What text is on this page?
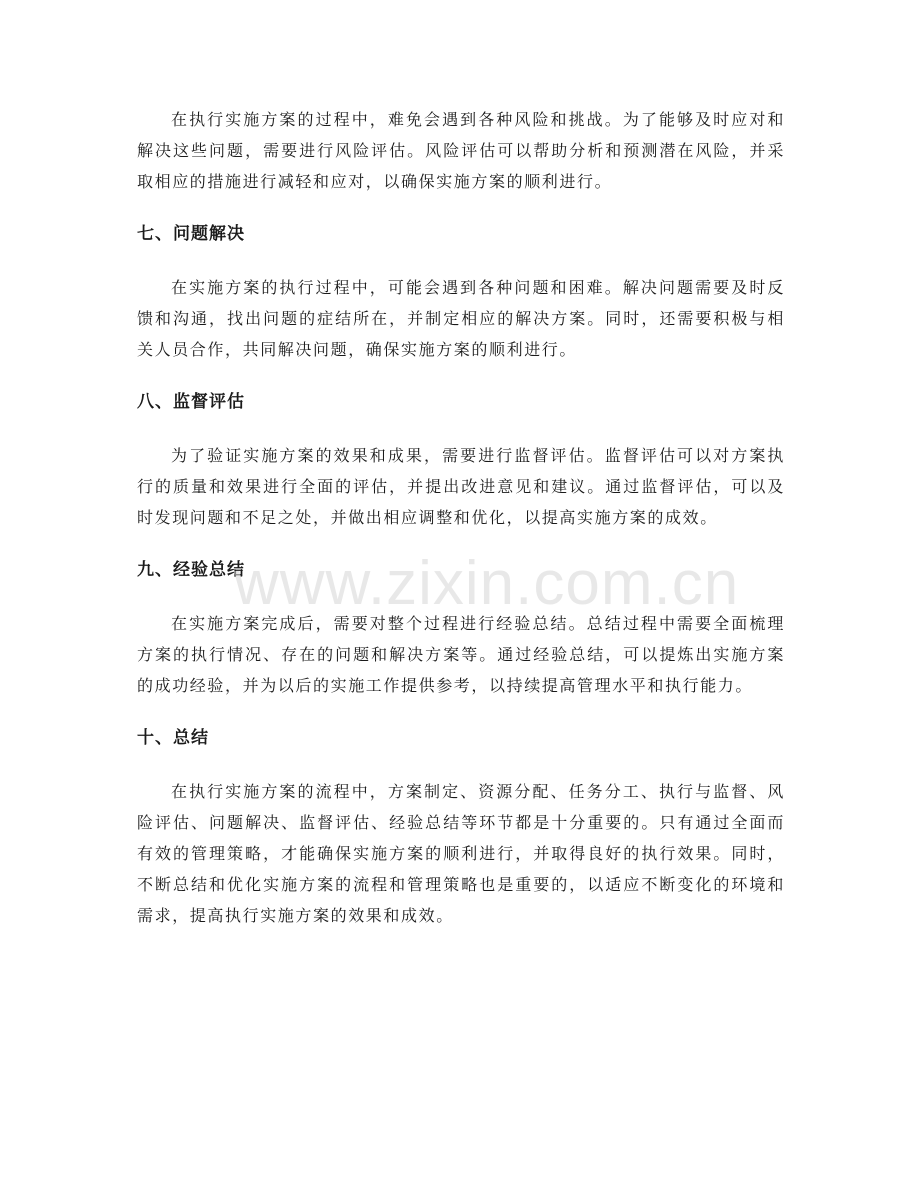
在执行实施方案的过程中，难免会遇到各种风险和挑战。为了能够及时应对和解决这些问题，需要进行风险评估。风险评估可以帮助分析和预测潜在风险，并采取相应的措施进行减轻和应对，以确保实施方案的顺利进行。

七、问题解决

在实施方案的执行过程中，可能会遇到各种问题和困难。解决问题需要及时反馈和沟通，找出问题的症结所在，并制定相应的解决方案。同时，还需要积极与相关人员合作，共同解决问题，确保实施方案的顺利进行。

八、监督评估

为了验证实施方案的效果和成果，需要进行监督评估。监督评估可以对方案执行的质量和效果进行全面的评估，并提出改进意见和建议。通过监督评估，可以及时发现问题和不足之处，并做出相应调整和优化，以提高实施方案的成效。

九、经验总结

在实施方案完成后，需要对整个过程进行经验总结。总结过程中需要全面梳理方案的执行情况、存在的问题和解决方案等。通过经验总结，可以提炼出实施方案的成功经验，并为以后的实施工作提供参考，以持续提高管理水平和执行能力。

十、总结

在执行实施方案的流程中，方案制定、资源分配、任务分工、执行与监督、风险评估、问题解决、监督评估、经验总结等环节都是十分重要的。只有通过全面而有效的管理策略，才能确保实施方案的顺利进行，并取得良好的执行效果。同时，不断总结和优化实施方案的流程和管理策略也是重要的，以适应不断变化的环境和需求，提高执行实施方案的效果和成效。

www.zixin.com.cn
